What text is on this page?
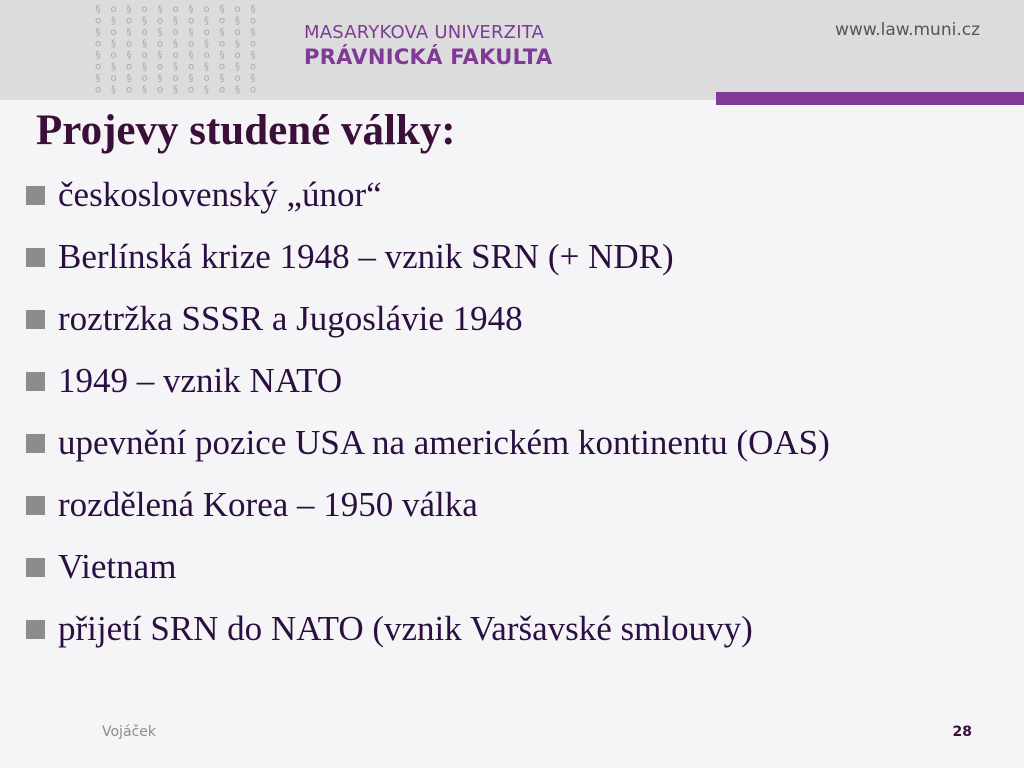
§ o § o § o § o § o §
o § o § o § o § o § o
§ o § o § o § o § o §
o § o § o § o § o § o
§ o § o § o § o § o §
o § o § o § o § o § o
§ o § o § o § o § o §
o § o § o § o § o § o
MASARYKOVA UNIVERZITA
PRÁVNICKÁ FAKULTA
www.law.muni.cz
Projevy studené války:
československý „únor“
Berlínská krize 1948 – vznik SRN (+ NDR)
roztržka SSSR a Jugoslávie 1948
1949 – vznik NATO
upevnění pozice USA na americkém kontinentu (OAS)
rozdělená Korea – 1950 válka
Vietnam
přijetí SRN do NATO (vznik Varšavské smlouvy)
Vojáček	28
